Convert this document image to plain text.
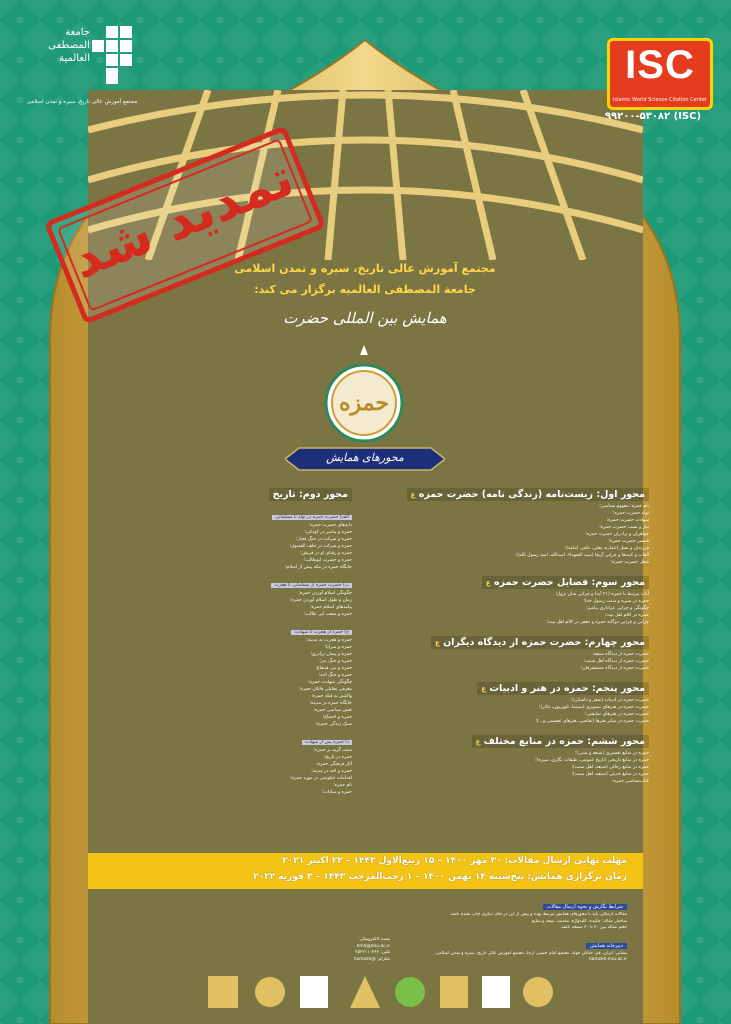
جامعة
المصطفى
العالمية
مجتمع آموزش عالی تاریخ، سیره و تمدن اسلامی
ISC
Islamic World Science Citation Center
(ISC) ۹۹۲۰۰-۵۳۰۸۲
تمدید شد
مجتمع آموزش عالی تاریخ، سیره و تمدن اسلامی
جامعة المصطفی العالمیه برگزار می کند:
همایش بین المللی حضرت
حمزه
محورهای همایش
محور اول: زیست‌نامه (زندگی نامه) حضرت حمزه ع
نام حمزه؛ مفهوم شناسی؛
تولد حضرت حمزه؛
شهادت حضرت حمزه؛
تبار و نسب حضرت حمزه؛
خواهران و برادران حضرت حمزه؛
همسر حضرت حمزه؛
فرزندان و نسل (عماره، یعلی، عامر، امامه)؛
القاب و کنیه‌ها و چرایی آن‌ها (سید الشهداء، اسدالله، اسد رسول الله)؛
شغل حضرت حمزه؛
محور سوم: فضایل حضرت حمزه ع
آیات مرتبط با حمزه (۲۱ آیه) و چرایی شأن نزول؛
حمزه در سیره و سنت رسول خدا؛
چگونگی و چرایی عزاداری پیامبر؛
حمزه در کلام اهل بیت؛
چرایی و چرایی دوگانه حمزه و جعفر در کلام اهل بیت؛
محور چهارم: حضرت حمزه از دیدگاه دیگران ع
حضرت حمزه از دیدگاه شیعه؛
حضرت حمزه از دیدگاه اهل سنت؛
حضرت حمزه از دیدگاه مستشرقان؛
محور پنجم: حمزه در هنر و ادبیات ع
حضرت حمزه در ادبیات (شعر و داستان)؛
حضرت حمزه در هنرهای تصویری (سینما، تلویزیون، تئاتر)؛
حضرت حمزه در هنرهای نمایشی؛
حضرت حمزه در سایر هنرها (نقاشی، هنرهای تجسمی و...)؛
محور ششم: حمزه در منابع مختلف ع
حمزه در منابع تفسیری (شیعه و سنی)؛
حمزه در منابع تاریخی (تاریخ عمومی، طبقات نگاری، سیره)؛
حمزه در منابع رجالی (شیعه، اهل سنت)؛
حمزه در منابع حدیثی (شیعه، اهل سنت)؛
کتاب‌شناسی حمزه؛
محور دوم: تاریخ
الف) حضرت حمزه در تولد تا مسلمانی
دایه‌های حضرت حمزه؛
حمزه و پیامبر در کودکی؛
حمزه و شرکت در جنگ فجار؛
حمزه و شرکت در حلف الفضول؛
حمزه و رقبای او در قریش؛
حمزه و حضرت ابوطالب؛
جایگاه حمزه در مکه پیش از اسلام؛
ب) حضرت حمزه از مسلمانی تا هجرت
چگونگی اسلام آوردن حمزه؛
زمان و طول اسلام آوردن حمزه؛
پیامدهای اسلام حمزه؛
حمزه و شعب ابی طالب؛
ج) حمزه از هجرت تا شهادت
حمزه و هجرت به مدینه؛
حمزه و سرایا؛
حمزه و پیمان برادری؛
حمزه و جنگ بدر؛
حمزه و بنی قینقاع؛
حمزه و جنگ احد؛
چگونگی شهادت حمزه؛
معرفی تحلیلی قاتلان حمزه؛
واکنش به قتله حمزه؛
جایگاه حمزه در مدینه؛
نقش سیاسی حمزه؛
حمزه و اجتماع؛
سبک زندگی حمزه؛
د) حمزه پس از شهادت
سنت گریه بر حمزه؛
حمزه در تاریخ؛
آثار فرهنگی حمزه؛
حمزه و احد در مدینه؛
اقدامات حکومتی در مورد حمزه؛
نام حمزه؛
حمزه و سادات؛
مهلت نهایی ارسال مقالات: ۳۰ مهر ۱۴۰۰ – ۱۵ ربیع‌الاول ۱۴۴۳ – ۲۲ اکتبر ۲۰۲۱
زمان برگزاری همایش: پنج‌شنبه ۱۴ بهمن ۱۴۰۰ – ۱ رجب‌المرجب ۱۴۴۳ – ۳ فوریه ۲۰۲۲
پست الکترونیکی:
hmh@miu.ac.ir
تلفن: ۰۲۵۳۲۱۱۰۴۶۷
تلگرام: @hamzeh
شرایط نگارش و نحوه ارسال مقالات
مقالات ارسالی باید با محورهای همایش مرتبط بوده و پیش از این در جای دیگری چاپ نشده باشد.
ساختار مقاله: چکیده، کلیدواژه، مقدمه، نتیجه و منابع.
حجم مقاله بین ۲۰ تا ۳۰ صفحه باشد.
دبیرخانه همایش
نشانی: ایران، قم، خیابان جهاد، مجتمع امام خمینی (ره)، مجتمع آموزش عالی تاریخ، سیره و تمدن اسلامی.
hamzeh.miu.ac.ir
